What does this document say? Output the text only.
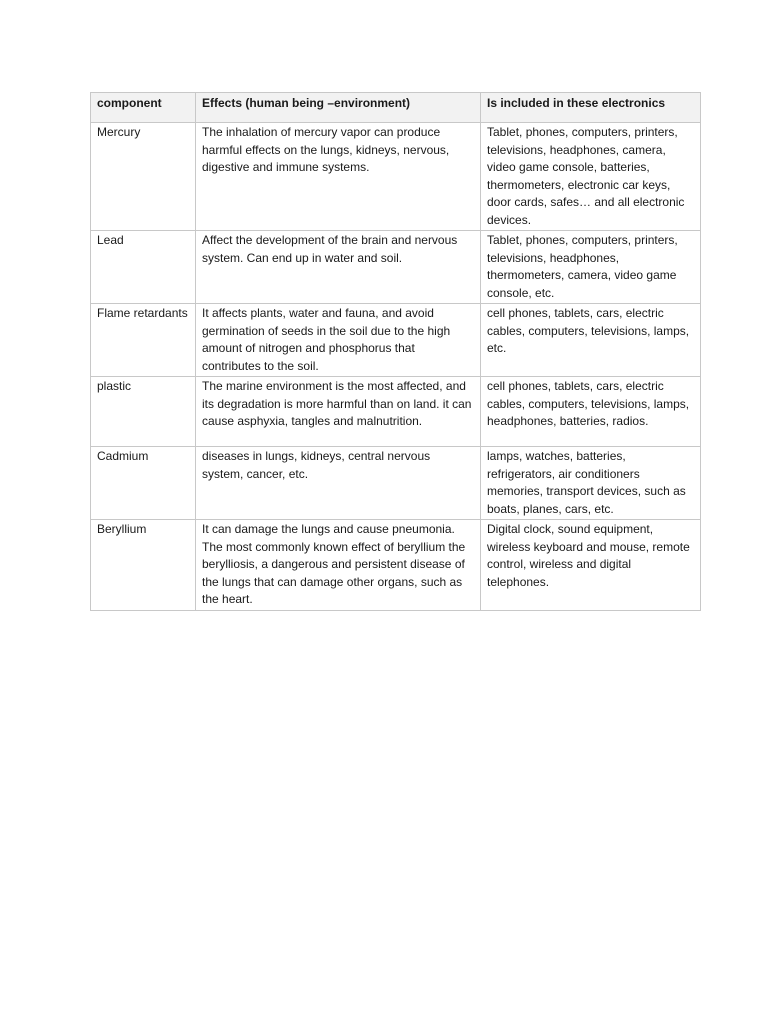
component	Effects (human being –environment)	Is included in these electronics
Mercury	The inhalation of mercury vapor can produce harmful effects on the lungs, kidneys, nervous, digestive and immune systems.	Tablet, phones, computers, printers, televisions, headphones, camera, video game console, batteries, thermometers, electronic car keys, door cards, safes… and all electronic devices.
Lead	Affect the development of the brain and nervous system. Can end up in water and soil.	Tablet, phones, computers, printers, televisions, headphones, thermometers, camera, video game console, etc.
Flame retardants	It affects plants, water and fauna, and avoid germination of seeds in the soil due to the high amount of nitrogen and phosphorus that contributes to the soil.	cell phones, tablets, cars, electric cables, computers, televisions, lamps, etc.
plastic	The marine environment is the most affected, and its degradation is more harmful than on land. it can cause asphyxia, tangles and malnutrition.	cell phones, tablets, cars, electric cables, computers, televisions, lamps, headphones, batteries, radios.
Cadmium	diseases in lungs, kidneys, central nervous system, cancer, etc.	lamps, watches, batteries, refrigerators, air conditioners memories, transport devices, such as boats, planes, cars, etc.
Beryllium	It can damage the lungs and cause pneumonia. The most commonly known effect of beryllium the berylliosis, a dangerous and persistent disease of the lungs that can damage other organs, such as the heart.	Digital clock, sound equipment, wireless keyboard and mouse, remote control, wireless and digital telephones.
